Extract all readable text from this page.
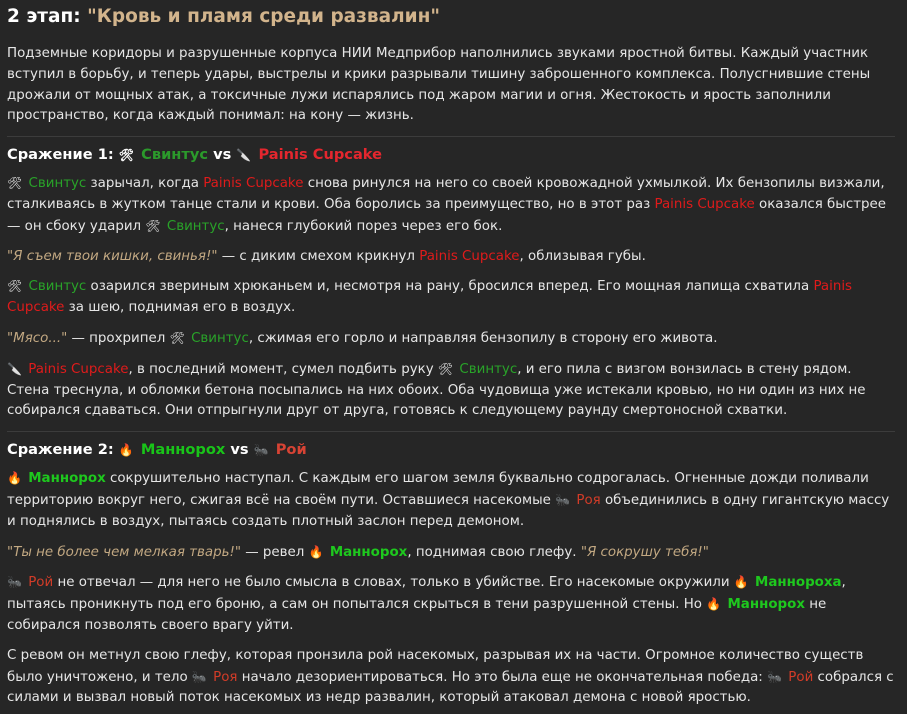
2 этап: "Кровь и пламя среди развалин"

Подземные коридоры и разрушенные корпуса НИИ Медприбор наполнились звуками яростной битвы. Каждый участник вступил в борьбу, и теперь удары, выстрелы и крики разрывали тишину заброшенного комплекса. Полусгнившие стены дрожали от мощных атак, а токсичные лужи испарялись под жаром магии и огня. Жестокость и ярость заполнили пространство, когда каждый понимал: на кону — жизнь.

Сражение 1: 🛠 Свинтус vs 🔪 Painis Cupcake

🛠 Свинтус зарычал, когда Painis Cupcake снова ринулся на него со своей кровожадной ухмылкой. Их бензопилы визжали, сталкиваясь в жутком танце стали и крови. Оба боролись за преимущество, но в этот раз Painis Cupcake оказался быстрее — он сбоку ударил 🛠 Свинтус, нанеся глубокий порез через его бок.

"Я съем твои кишки, свинья!" — с диким смехом крикнул Painis Cupcake, облизывая губы.

🛠 Свинтус озарился звериным хрюканьем и, несмотря на рану, бросился вперед. Его мощная лапища схватила Painis Cupcake за шею, поднимая его в воздух.

"Мясо..." — прохрипел 🛠 Свинтус, сжимая его горло и направляя бензопилу в сторону его живота.

🔪 Painis Cupcake, в последний момент, сумел подбить руку 🛠 Свинтус, и его пила с визгом вонзилась в стену рядом. Стена треснула, и обломки бетона посыпались на них обоих. Оба чудовища уже истекали кровью, но ни один из них не собирался сдаваться. Они отпрыгнули друг от друга, готовясь к следующему раунду смертоносной схватки.

Сражение 2: 🔥 Маннорох vs 🐜 Рой

🔥 Маннорох сокрушительно наступал. С каждым его шагом земля буквально содрогалась. Огненные дожди поливали территорию вокруг него, сжигая всё на своём пути. Оставшиеся насекомые 🐜 Роя объединились в одну гигантскую массу и поднялись в воздух, пытаясь создать плотный заслон перед демоном.

"Ты не более чем мелкая тварь!" — ревел 🔥 Маннорох, поднимая свою глефу. "Я сокрушу тебя!"

🐜 Рой не отвечал — для него не было смысла в словах, только в убийстве. Его насекомые окружили 🔥 Маннороха, пытаясь проникнуть под его броню, а сам он попытался скрыться в тени разрушенной стены. Но 🔥 Маннорох не собирался позволять своего врагу уйти.

С ревом он метнул свою глефу, которая пронзила рой насекомых, разрывая их на части. Огромное количество существ было уничтожено, и тело 🐜 Роя начало дезориентироваться. Но это была еще не окончательная победа: 🐜 Рой собрался с силами и вызвал новый поток насекомых из недр развалин, который атаковал демона с новой яростью.
